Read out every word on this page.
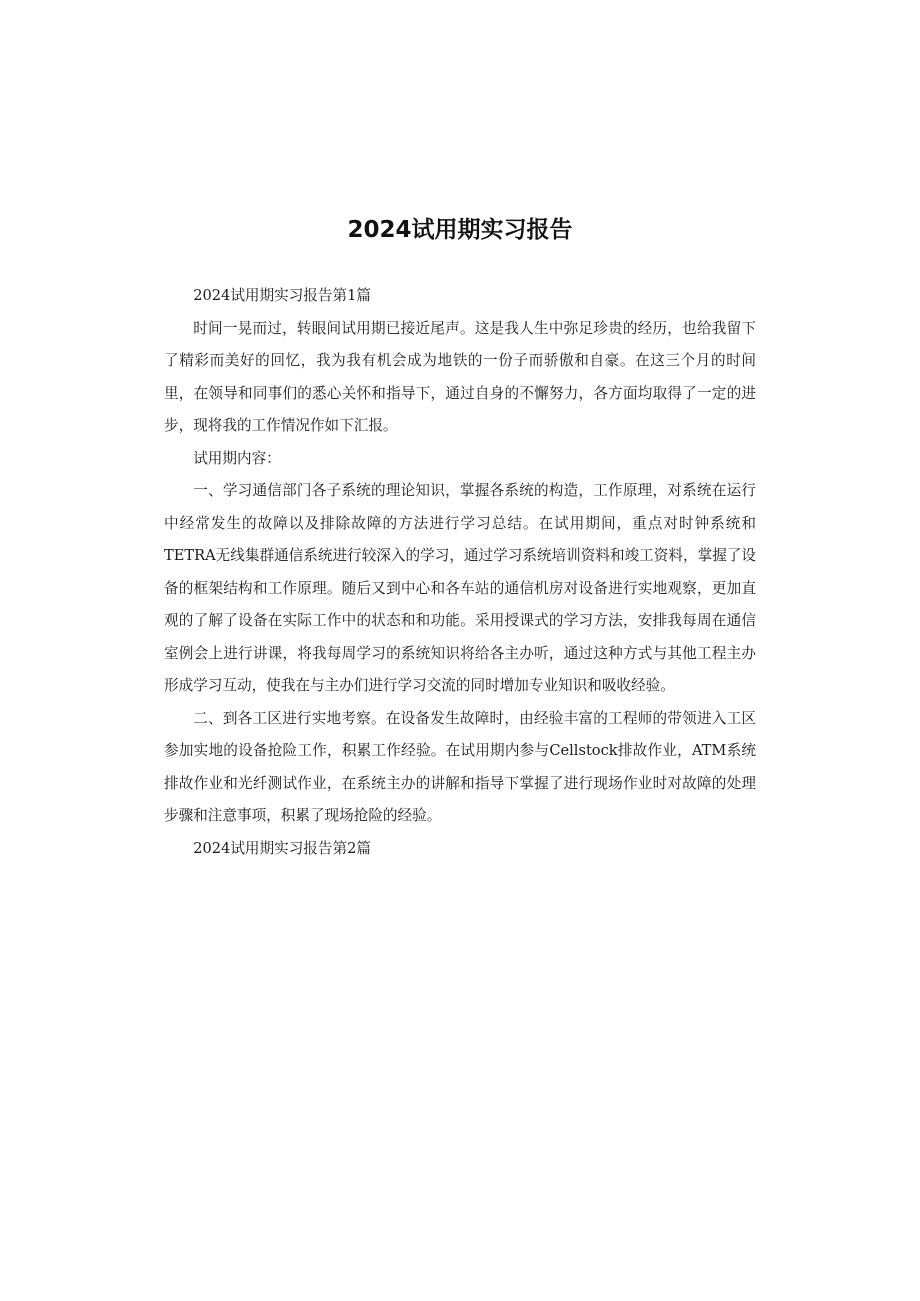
2024试用期实习报告

2024试用期实习报告第1篇

时间一晃而过，转眼间试用期已接近尾声。这是我人生中弥足珍贵的经历，也给我留下了精彩而美好的回忆，我为我有机会成为地铁的一份子而骄傲和自豪。在这三个月的时间里，在领导和同事们的悉心关怀和指导下，通过自身的不懈努力，各方面均取得了一定的进步，现将我的工作情况作如下汇报。

试用期内容：

一、学习通信部门各子系统的理论知识，掌握各系统的构造，工作原理，对系统在运行中经常发生的故障以及排除故障的方法进行学习总结。在试用期间，重点对时钟系统和TETRA无线集群通信系统进行较深入的学习，通过学习系统培训资料和竣工资料，掌握了设备的框架结构和工作原理。随后又到中心和各车站的通信机房对设备进行实地观察，更加直观的了解了设备在实际工作中的状态和和功能。采用授课式的学习方法，安排我每周在通信室例会上进行讲课，将我每周学习的系统知识将给各主办听，通过这种方式与其他工程主办形成学习互动，使我在与主办们进行学习交流的同时增加专业知识和吸收经验。

二、到各工区进行实地考察。在设备发生故障时，由经验丰富的工程师的带领进入工区参加实地的设备抢险工作，积累工作经验。在试用期内参与Cellstock排故作业，ATM系统排故作业和光纤测试作业，在系统主办的讲解和指导下掌握了进行现场作业时对故障的处理步骤和注意事项，积累了现场抢险的经验。

2024试用期实习报告第2篇
